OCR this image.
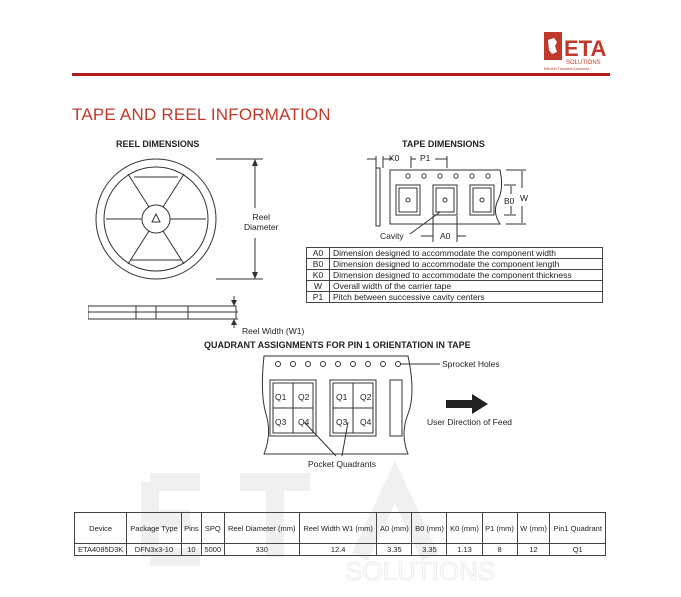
ETA
SOLUTIONS
Efficient Transient Advanced
TAPE AND REEL INFORMATION
SOLUTIONS
REEL DIMENSIONS
Reel
Diameter
Reel Width (W1)
TAPE DIMENSIONS
K0 P1
B0 W
Cavity	A0
A0	Dimension designed to accommodate the component width
B0	Dimension designed to accommodate the component length
K0	Dimension designed to accommodate the component thickness
W	Overall width of the carrier tape
P1	Pitch between successive cavity centers
QUADRANT ASSIGNMENTS FOR PIN 1 ORIENTATION IN TAPE
Q1 Q2
Q3 Q4
Q1 Q2
Q3 Q4
Sprocket Holes
User Direction of Feed
Pocket Quadrants
Device	Package Type	Pins	SPQ	Reel Diameter (mm)	Reel Width W1 (mm)	A0 (mm)	B0 (mm)	K0 (mm)	P1 (mm)	W (mm)	Pin1 Quadrant
ETA4085D3K	DFN3x3-10	10	5000	330	12.4	3.35	3.35	1.13	8	12	Q1
